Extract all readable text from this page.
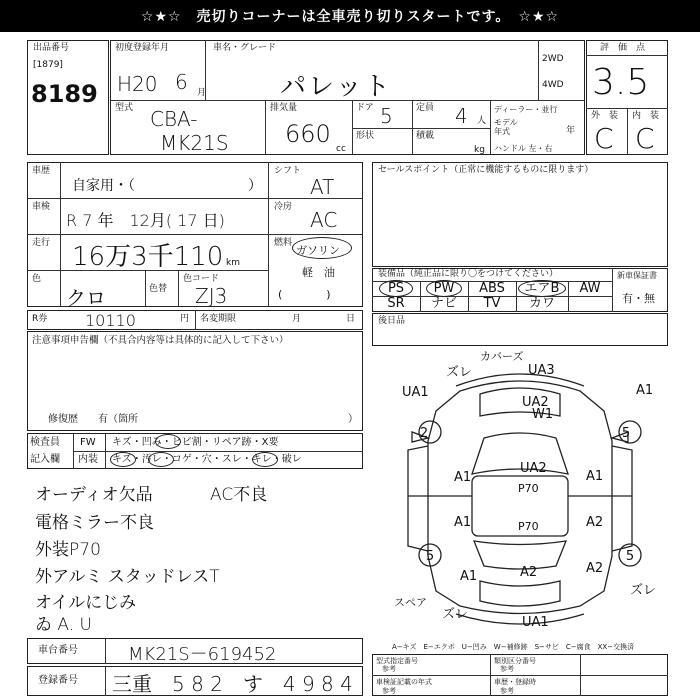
☆★☆　売切りコーナーは全車売り切りスタートです。　☆★☆
出品番号
[1879]
8189
初度登録年月
H20 6 月
車名・グレード
パレット
2WD
4WD
型式 CBA-
MK21S
排気量
660
cc
ドア 5	定員 4 人
形状	積載
kg
ディーラー・並行
モデル
年式	年
ハンドル 左・右
評　価　点
3.5
外　装 内　装
C C
車歴
自家用・（	）
車検
R 7 年　12月( 17 日)
走行 16万3千110 km
色
クロ	色替
色コード
ZJ3
シフト
AT
冷房
AC
燃料
ガソリン
軽　油
(　　　　)
セールスポイント（正常に機能するものに限ります）
装備品（純正品に限り〇をつけてください）	新車保証書
有・無
PS	PW	ABS	エアB	AW
SR	ナビ	TV	カワ
R券 10110	円 名変期限	月	日	後日品
注意事項申告欄（不具合内容等は具体的に記入して下さい）
修復歴　　有（箇所	）
検査員
記入欄
FW キズ・凹み・ヒビ割・リペア跡・X要
内装 キズ・汚レ・コゲ・穴・スレ・キレ・破レ
オーディオ欠品	AC不良
電格ミラー不良
外装P70
外アルミ スタッドレスT
オイルにじみ
ゐ A. U
車台番号	MK21S－619452
登録番号 三重　5 8 2　す　4 9 8 4
A−キズ　E−エクボ　U−凹み　W−補修跡　S−サビ　C−腐食　XX−交換済
型式指定番号
参考
類別区分番号
参考
車検証記載の年式
参考
車歴・登録時
参考
UA1
ズレ
カバーズ
UA3
A1
UA2
W1
2	5
A1
UA2
P70
A1
A1	P70	A2
5
A2
5
A2
A1
スペア
ズレ
UA1
ズレ
